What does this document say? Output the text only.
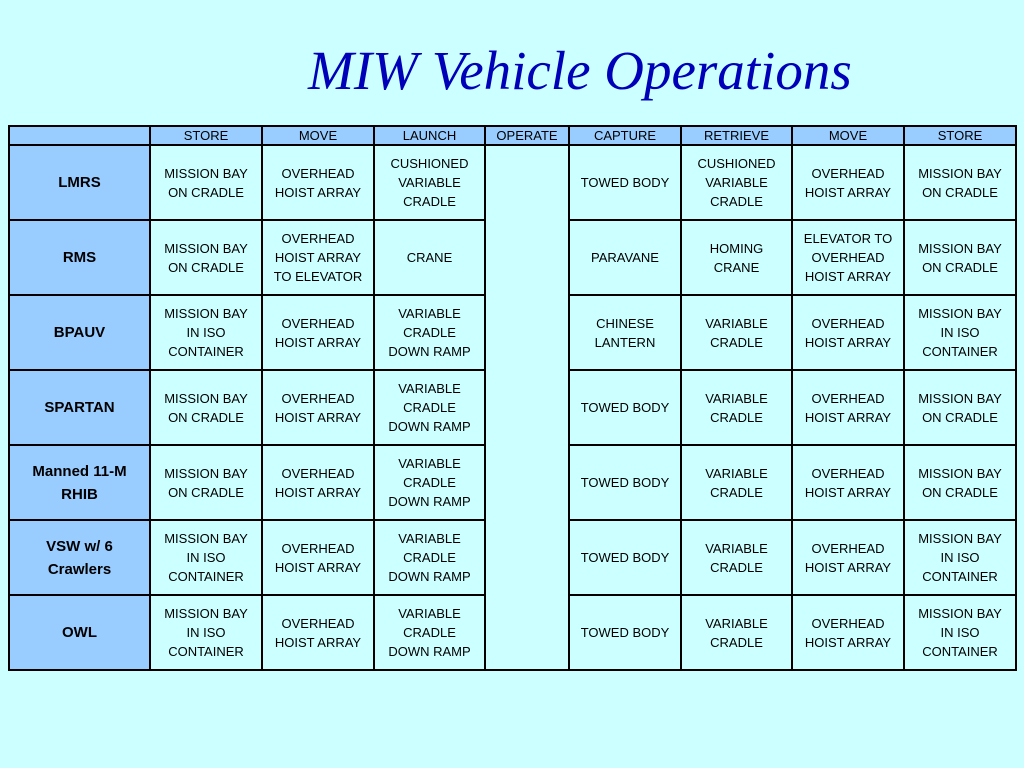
MIW Vehicle Operations
	STORE	MOVE	LAUNCH	OPERATE	CAPTURE	RETRIEVE	MOVE	STORE

LMRS	MISSION BAY
ON CRADLE	OVERHEAD
HOIST ARRAY	CUSHIONED
VARIABLE
CRADLE		TOWED BODY	CUSHIONED
VARIABLE
CRADLE	OVERHEAD
HOIST ARRAY	MISSION BAY
ON CRADLE

RMS	MISSION BAY
ON CRADLE	OVERHEAD
HOIST ARRAY
TO ELEVATOR	CRANE		PARAVANE	HOMING
CRANE	ELEVATOR TO
OVERHEAD
HOIST ARRAY	MISSION BAY
ON CRADLE

BPAUV	MISSION BAY
IN ISO
CONTAINER	OVERHEAD
HOIST ARRAY	VARIABLE
CRADLE
DOWN RAMP		CHINESE
LANTERN	VARIABLE
CRADLE	OVERHEAD
HOIST ARRAY	MISSION BAY
IN ISO
CONTAINER

SPARTAN	MISSION BAY
ON CRADLE	OVERHEAD
HOIST ARRAY	VARIABLE
CRADLE
DOWN RAMP		TOWED BODY	VARIABLE
CRADLE	OVERHEAD
HOIST ARRAY	MISSION BAY
ON CRADLE

Manned 11-M
RHIB	MISSION BAY
ON CRADLE	OVERHEAD
HOIST ARRAY	VARIABLE
CRADLE
DOWN RAMP		TOWED BODY	VARIABLE
CRADLE	OVERHEAD
HOIST ARRAY	MISSION BAY
ON CRADLE

VSW w/ 6
Crawlers	MISSION BAY
IN ISO
CONTAINER	OVERHEAD
HOIST ARRAY	VARIABLE
CRADLE
DOWN RAMP		TOWED BODY	VARIABLE
CRADLE	OVERHEAD
HOIST ARRAY	MISSION BAY
IN ISO
CONTAINER

OWL	MISSION BAY
IN ISO
CONTAINER	OVERHEAD
HOIST ARRAY	VARIABLE
CRADLE
DOWN RAMP		TOWED BODY	VARIABLE
CRADLE	OVERHEAD
HOIST ARRAY	MISSION BAY
IN ISO
CONTAINER
